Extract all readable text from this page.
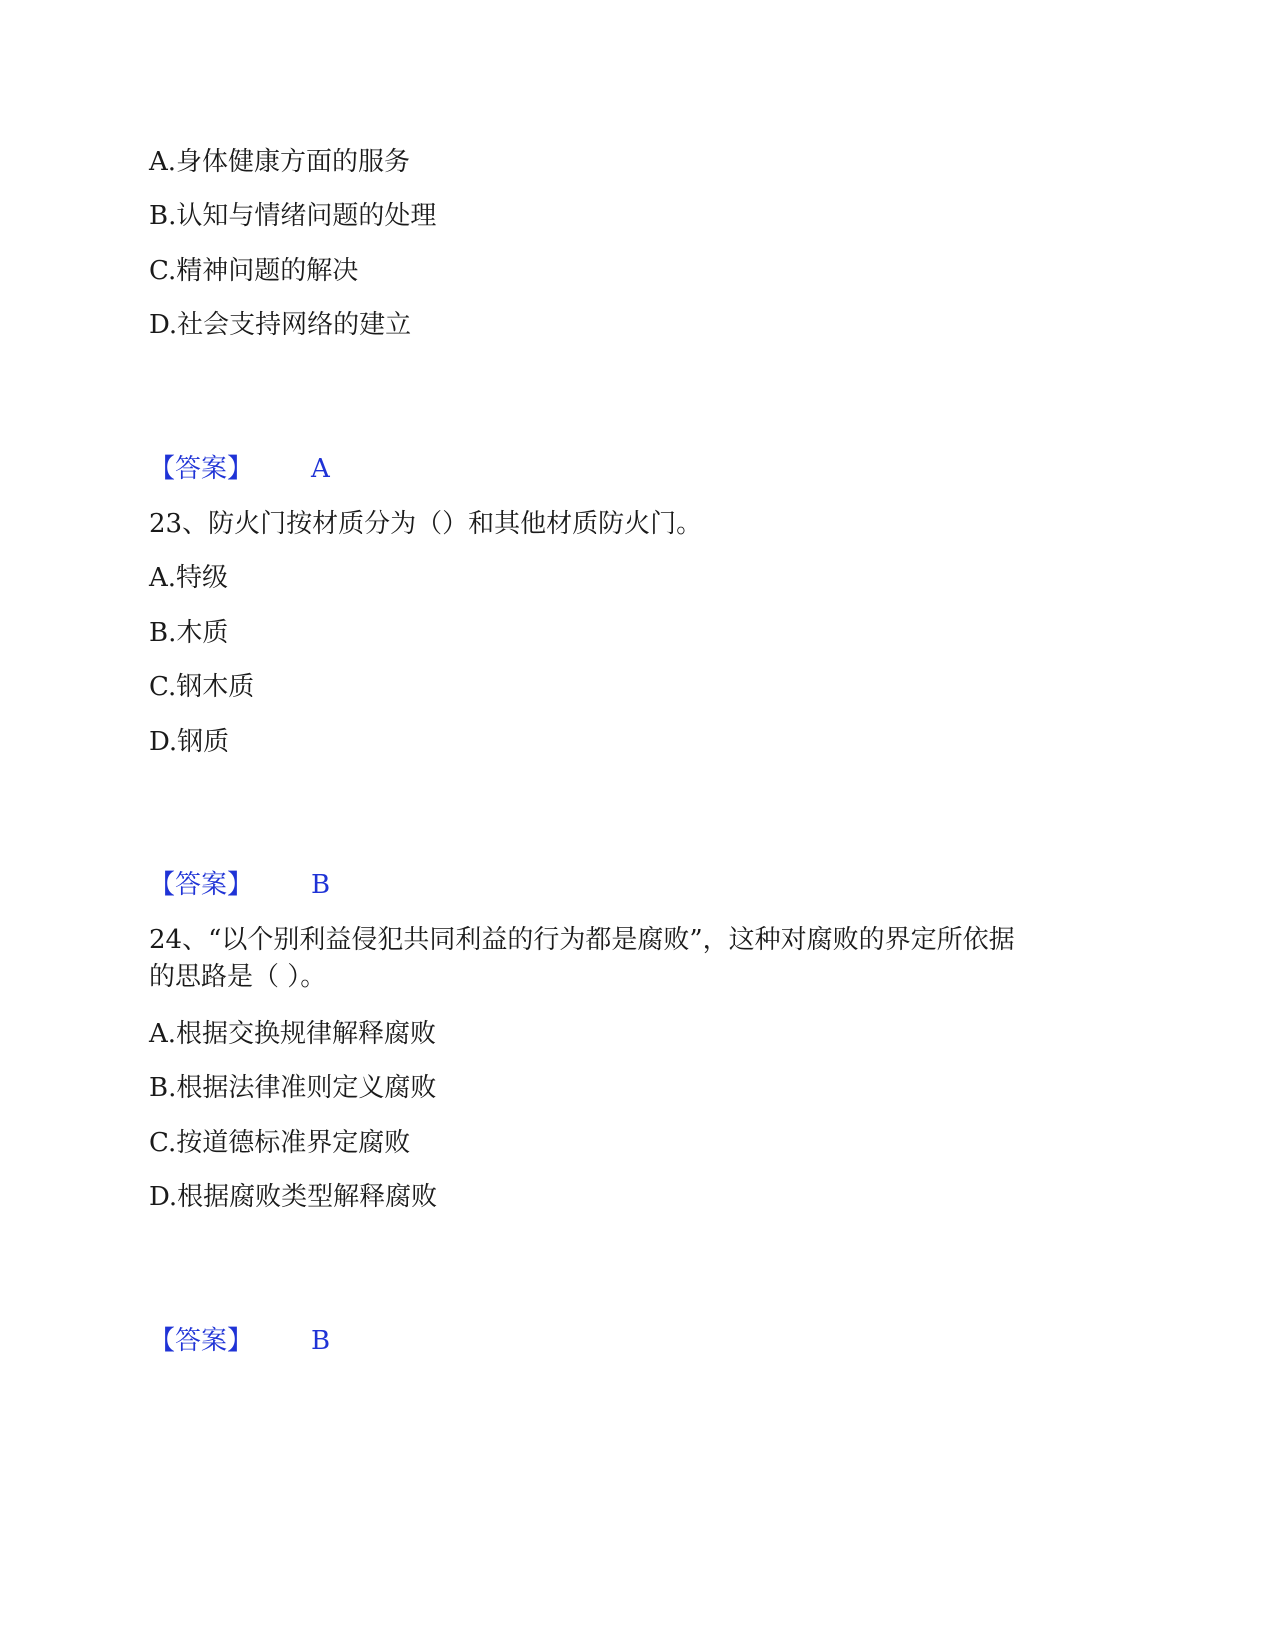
A.身体健康方面的服务
B.认知与情绪问题的处理
C.精神问题的解决
D.社会支持网络的建立
【答案】 A
23、防火门按材质分为（）和其他材质防火门。
A.特级
B.木质
C.钢木质
D.钢质
【答案】 B
24、“以个别利益侵犯共同利益的行为都是腐败”，这种对腐败的界定所依据
的思路是（ ）。
A.根据交换规律解释腐败
B.根据法律准则定义腐败
C.按道德标准界定腐败
D.根据腐败类型解释腐败
【答案】 B
